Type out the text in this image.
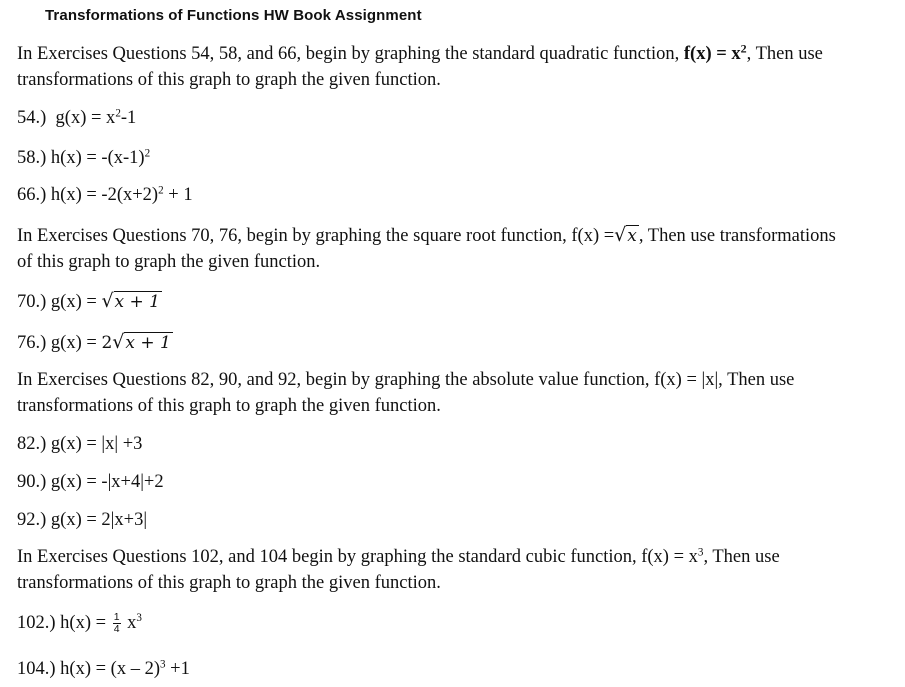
Transformations of Functions HW Book Assignment
In Exercises Questions 54, 58, and 66, begin by graphing the standard quadratic function, $f(x) = x^2$, Then use
transformations of this graph to graph the given function.
54.) $g(x) = x^2-1$
58.) $h(x) = -(x-1)^2$
66.) $h(x) = -2(x+2)^2 + 1$
In Exercises Questions 70, 76, begin by graphing the square root function, f(x) =√x , Then use transformations
of this graph to graph the given function.
70.) g(x) = √x + 1
76.) g(x) = 2√x + 1
In Exercises Questions 82, 90, and 92, begin by graphing the absolute value function, f(x) = |x|, Then use
transformations of this graph to graph the given function.
82.) g(x) = |x| +3
90.) g(x) = -|x+4|+2
92.) g(x) = 2|x+3|
In Exercises Questions 102, and 104 begin by graphing the standard cubic function, $f(x) = x^3$, Then use
transformations of this graph to graph the given function.
102.) $h(x) = \frac{1}{4} x^3$
104.) h(x) = (x – 2)$^3$ +1
